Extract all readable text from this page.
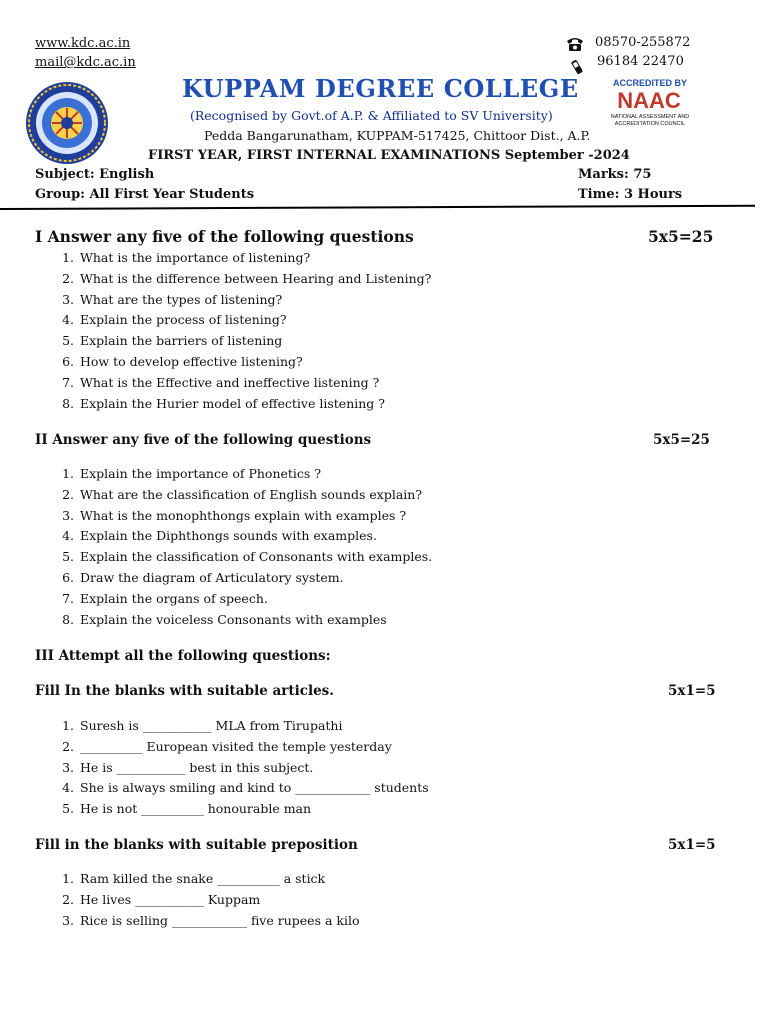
www.kdc.ac.in
mail@kdc.ac.in
08570-255872
96184 22470
KUPPAM DEGREE COLLEGE
(Recognised by Govt.of A.P. & Affiliated to SV University)
Pedda Bangarunatham, KUPPAM-517425, Chittoor Dist., A.P.
FIRST YEAR, FIRST INTERNAL EXAMINATIONS September -2024
ACCREDITED BY
NAAC
NATIONAL ASSESSMENT AND
ACCREDITATION COUNCIL
Subject: English
Group: All First Year Students
Marks: 75
Time: 3 Hours
I Answer any five of the following questions	5x5=25
1. What is the importance of listening?
2. What is the difference between Hearing and Listening?
3. What are the types of listening?
4. Explain the process of listening?
5. Explain the barriers of listening
6. How to develop effective listening?
7. What is the Effective and ineffective listening ?
8. Explain the Hurier model of effective listening ?
II Answer any five of the following questions	5x5=25
1. Explain the importance of Phonetics ?
2. What are the classification of English sounds explain?
3. What is the monophthongs explain with examples ?
4. Explain the Diphthongs sounds with examples.
5. Explain the classification of Consonants with examples.
6. Draw the diagram of Articulatory system.
7. Explain the organs of speech.
8. Explain the voiceless Consonants with examples
III Attempt all the following questions:
Fill In the blanks with suitable articles.	5x1=5
1. Suresh is ___________ MLA from Tirupathi
2. __________ European visited the temple yesterday
3. He is ___________ best in this subject.
4. She is always smiling and kind to ____________ students
5. He is not __________ honourable man
Fill in the blanks with suitable preposition	5x1=5
1. Ram killed the snake __________ a stick
2. He lives ___________ Kuppam
3. Rice is selling ____________ five rupees a kilo
